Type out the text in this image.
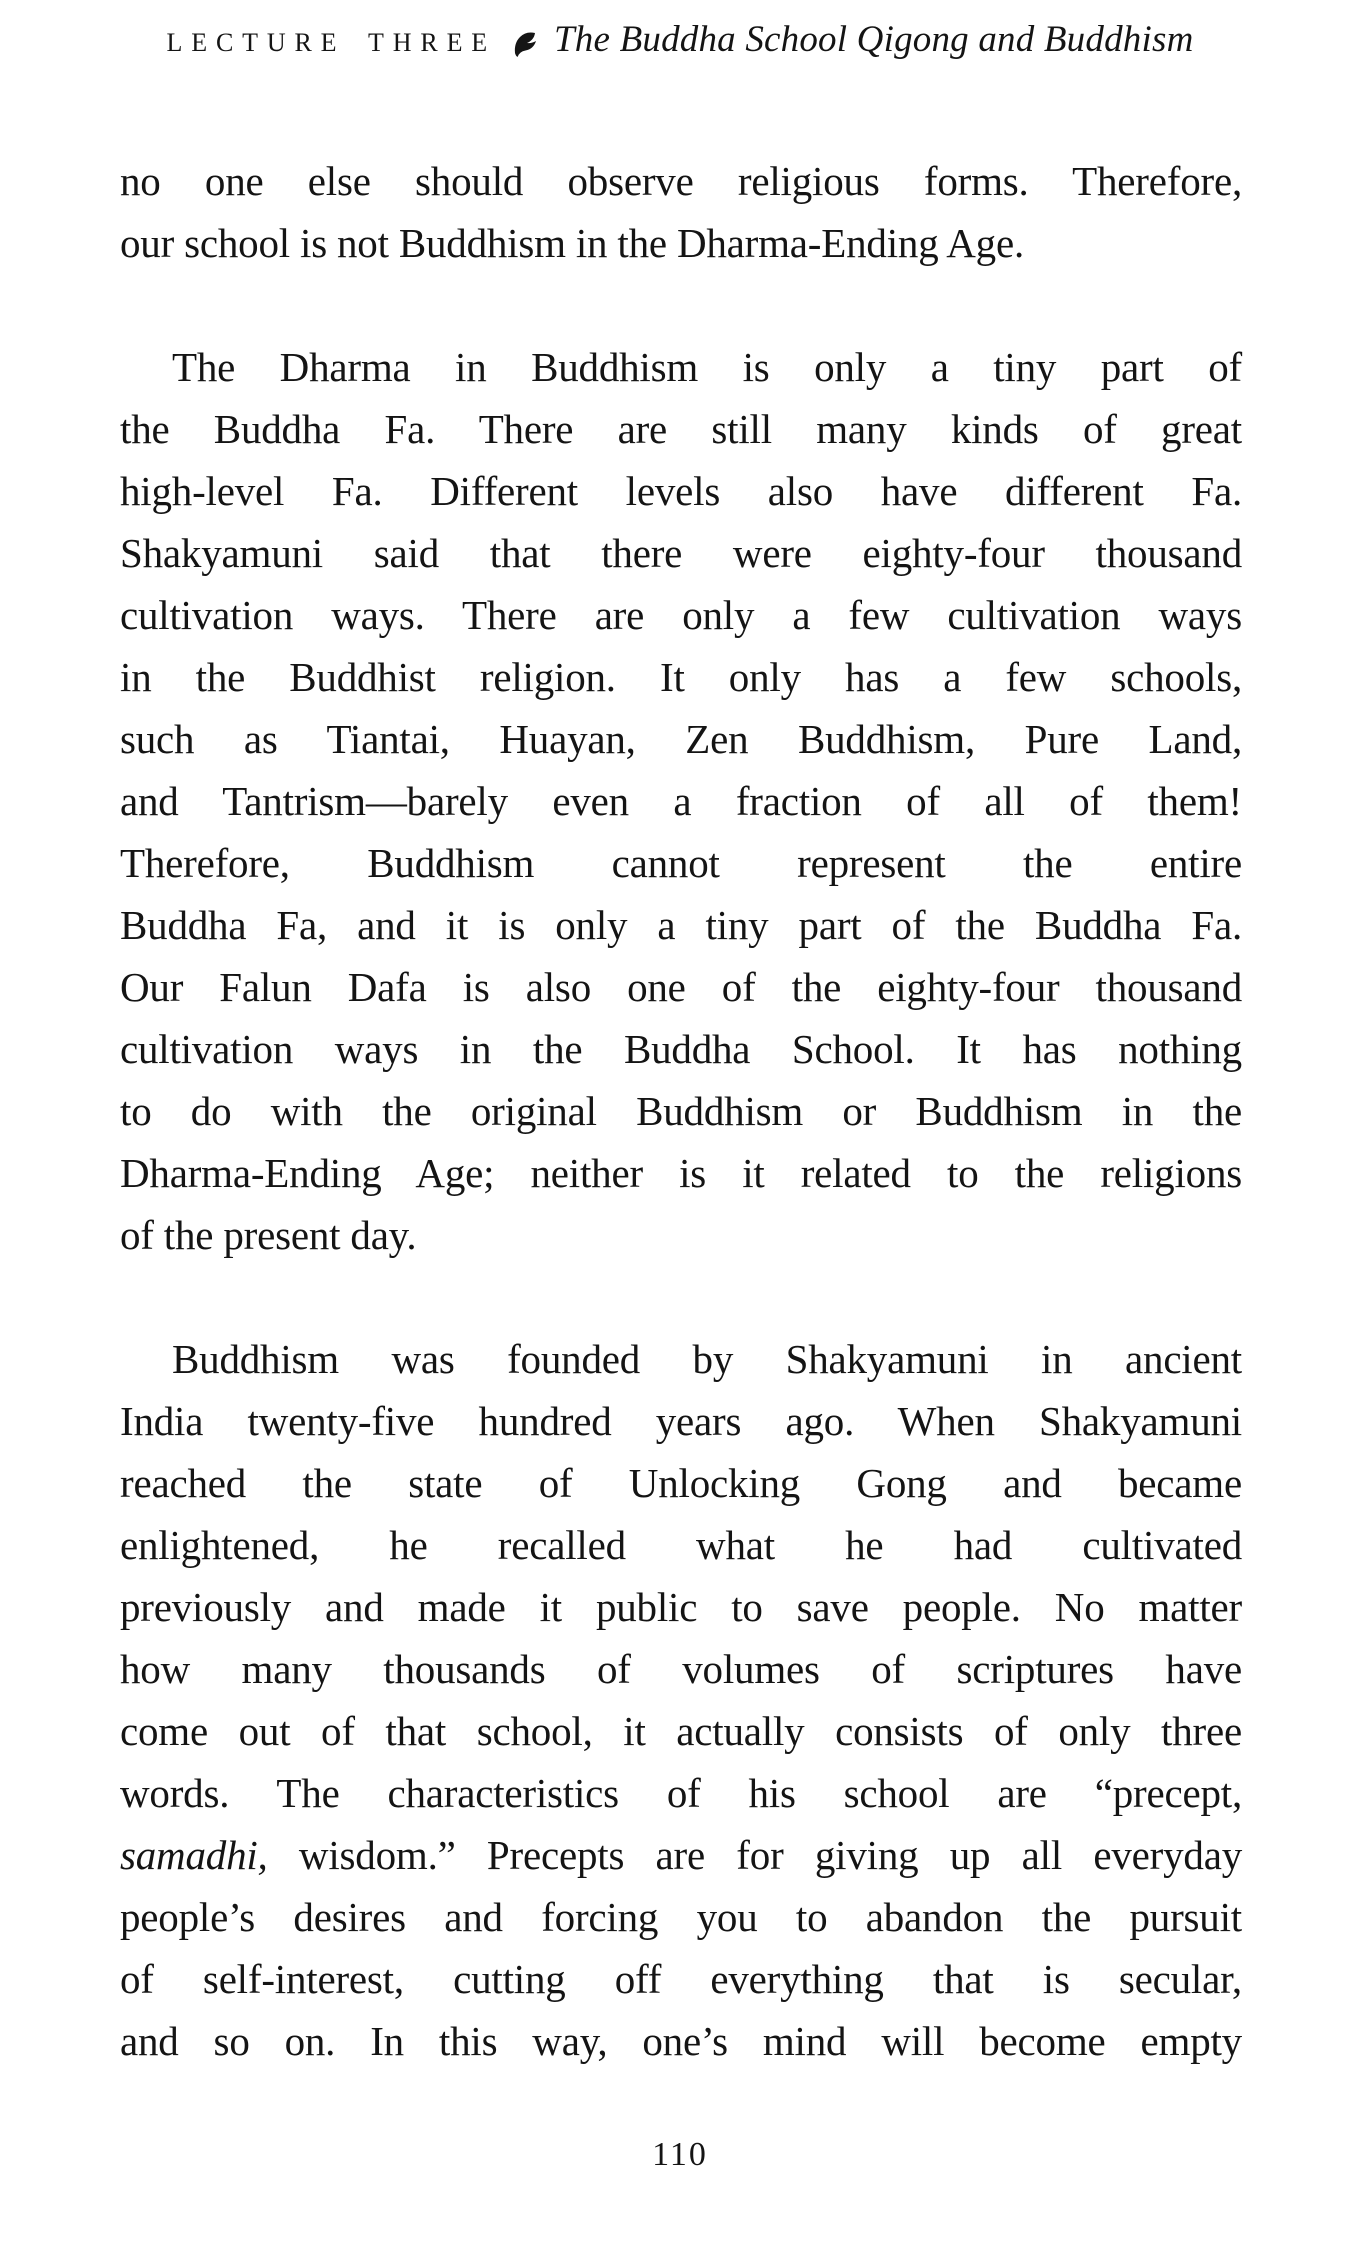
LECTURE THREE The Buddha School Qigong and Buddhism
no one else should observe religious forms. Therefore,
our school is not Buddhism in the Dharma-Ending Age.
The Dharma in Buddhism is only a tiny part of
the Buddha Fa. There are still many kinds of great
high-level Fa. Different levels also have different Fa.
Shakyamuni said that there were eighty-four thousand
cultivation ways. There are only a few cultivation ways
in the Buddhist religion. It only has a few schools,
such as Tiantai, Huayan, Zen Buddhism, Pure Land,
and Tantrism—barely even a fraction of all of them!
Therefore, Buddhism cannot represent the entire
Buddha Fa, and it is only a tiny part of the Buddha Fa.
Our Falun Dafa is also one of the eighty-four thousand
cultivation ways in the Buddha School. It has nothing
to do with the original Buddhism or Buddhism in the
Dharma-Ending Age; neither is it related to the religions
of the present day.
Buddhism was founded by Shakyamuni in ancient
India twenty-five hundred years ago. When Shakyamuni
reached the state of Unlocking Gong and became
enlightened, he recalled what he had cultivated
previously and made it public to save people. No matter
how many thousands of volumes of scriptures have
come out of that school, it actually consists of only three
words. The characteristics of his school are “precept,
samadhi, wisdom.” Precepts are for giving up all everyday
people’s desires and forcing you to abandon the pursuit
of self-interest, cutting off everything that is secular,
and so on. In this way, one’s mind will become empty
110
